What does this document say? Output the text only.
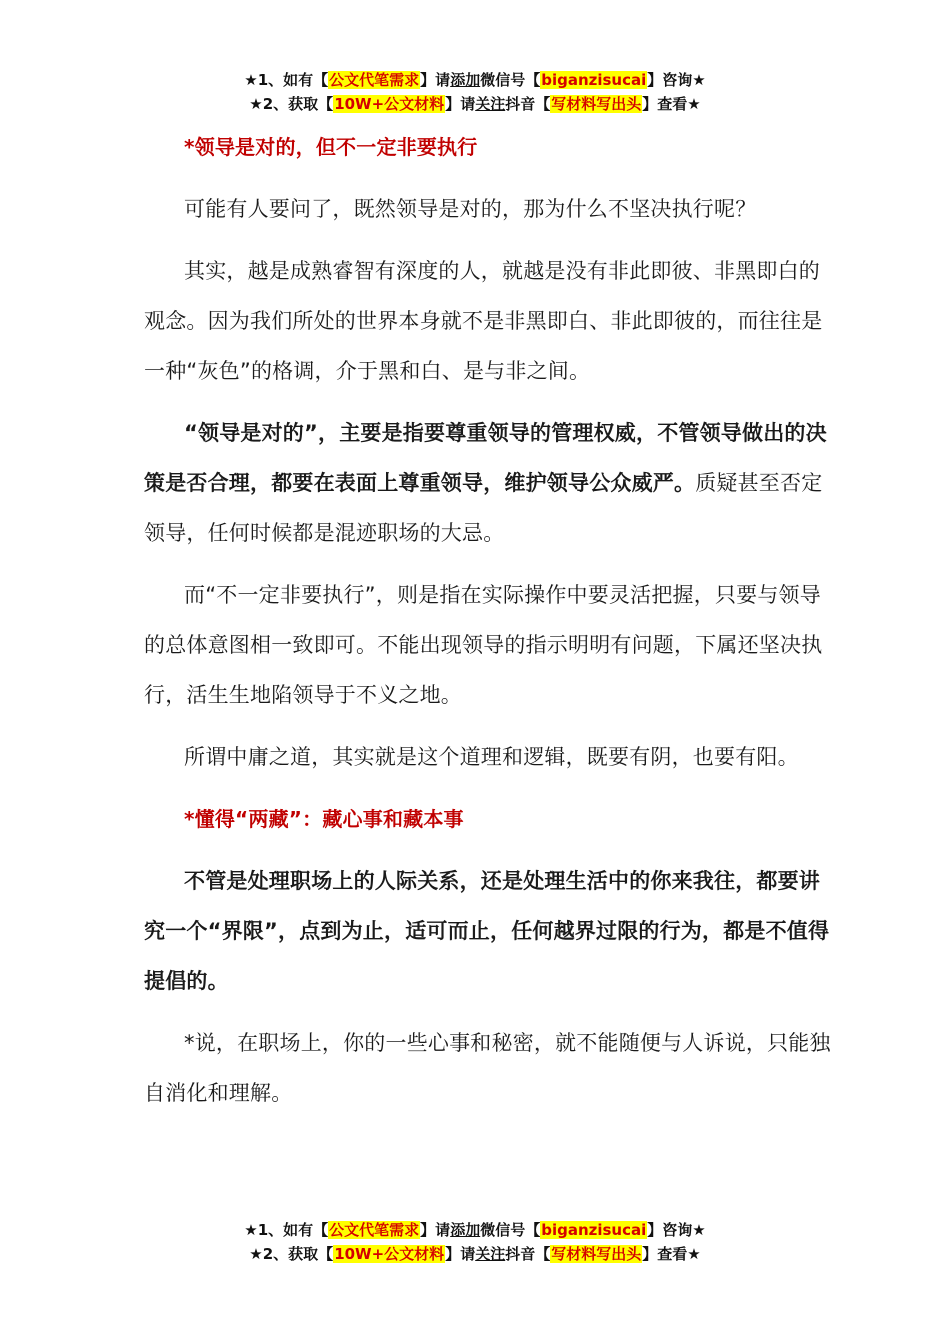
★1、如有【公文代笔需求】请添加微信号【biganzisucai】咨询★
★2、获取【10W+公文材料】请关注抖音【写材料写出头】查看★

*领导是对的，但不一定非要执行

可能有人要问了，既然领导是对的，那为什么不坚决执行呢？

其实，越是成熟睿智有深度的人，就越是没有非此即彼、非黑即白的观念。因为我们所处的世界本身就不是非黑即白、非此即彼的，而往往是一种“灰色”的格调，介于黑和白、是与非之间。

“领导是对的”，主要是指要尊重领导的管理权威，不管领导做出的决策是否合理，都要在表面上尊重领导，维护领导公众威严。质疑甚至否定领导，任何时候都是混迹职场的大忌。

而“不一定非要执行”，则是指在实际操作中要灵活把握，只要与领导的总体意图相一致即可。不能出现领导的指示明明有问题，下属还坚决执行，活生生地陷领导于不义之地。

所谓中庸之道，其实就是这个道理和逻辑，既要有阴，也要有阳。

*懂得“两藏”：藏心事和藏本事

不管是处理职场上的人际关系，还是处理生活中的你来我往，都要讲究一个“界限”，点到为止，适可而止，任何越界过限的行为，都是不值得提倡的。

*说，在职场上，你的一些心事和秘密，就不能随便与人诉说，只能独自消化和理解。

★1、如有【公文代笔需求】请添加微信号【biganzisucai】咨询★
★2、获取【10W+公文材料】请关注抖音【写材料写出头】查看★
